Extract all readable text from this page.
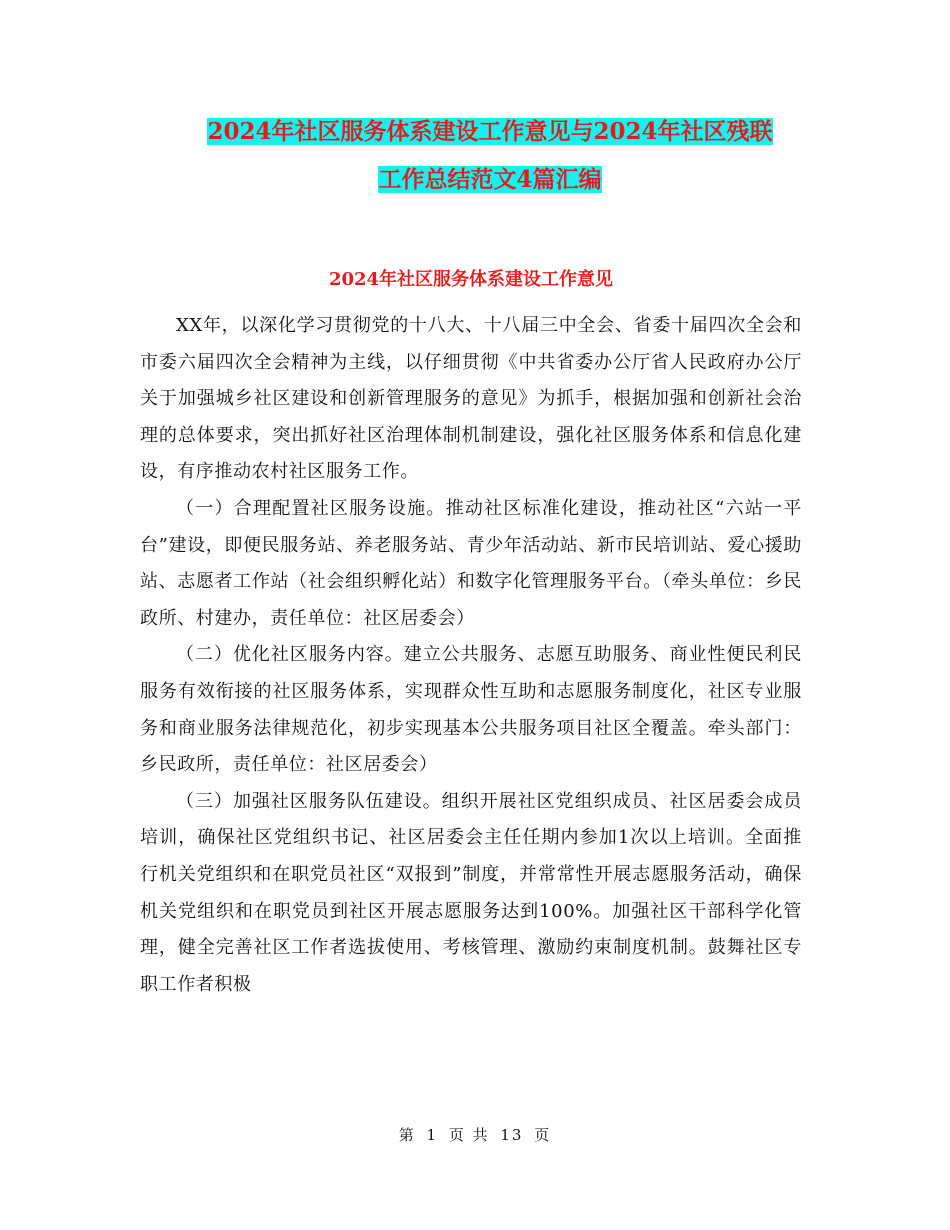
2024年社区服务体系建设工作意见与2024年社区残联
工作总结范文4篇汇编
2024年社区服务体系建设工作意见

XX年，以深化学习贯彻党的十八大、十八届三中全会、省委十届四次全会和市委六届四次全会精神为主线，以仔细贯彻《中共省委办公厅省人民政府办公厅关于加强城乡社区建设和创新管理服务的意见》为抓手，根据加强和创新社会治理的总体要求，突出抓好社区治理体制机制建设，强化社区服务体系和信息化建设，有序推动农村社区服务工作。

（一）合理配置社区服务设施。推动社区标准化建设，推动社区“六站一平台”建设，即便民服务站、养老服务站、青少年活动站、新市民培训站、爱心援助站、志愿者工作站（社会组织孵化站）和数字化管理服务平台。（牵头单位：乡民政所、村建办，责任单位：社区居委会）

（二）优化社区服务内容。建立公共服务、志愿互助服务、商业性便民利民服务有效衔接的社区服务体系，实现群众性互助和志愿服务制度化，社区专业服务和商业服务法律规范化，初步实现基本公共服务项目社区全覆盖。牵头部门：乡民政所，责任单位：社区居委会）

（三）加强社区服务队伍建设。组织开展社区党组织成员、社区居委会成员培训，确保社区党组织书记、社区居委会主任任期内参加1次以上培训。全面推行机关党组织和在职党员社区“双报到”制度，并常常性开展志愿服务活动，确保机关党组织和在职党员到社区开展志愿服务达到100%。加强社区干部科学化管理，健全完善社区工作者选拔使用、考核管理、激励约束制度机制。鼓舞社区专职工作者积极

第 1 页 共 13 页
